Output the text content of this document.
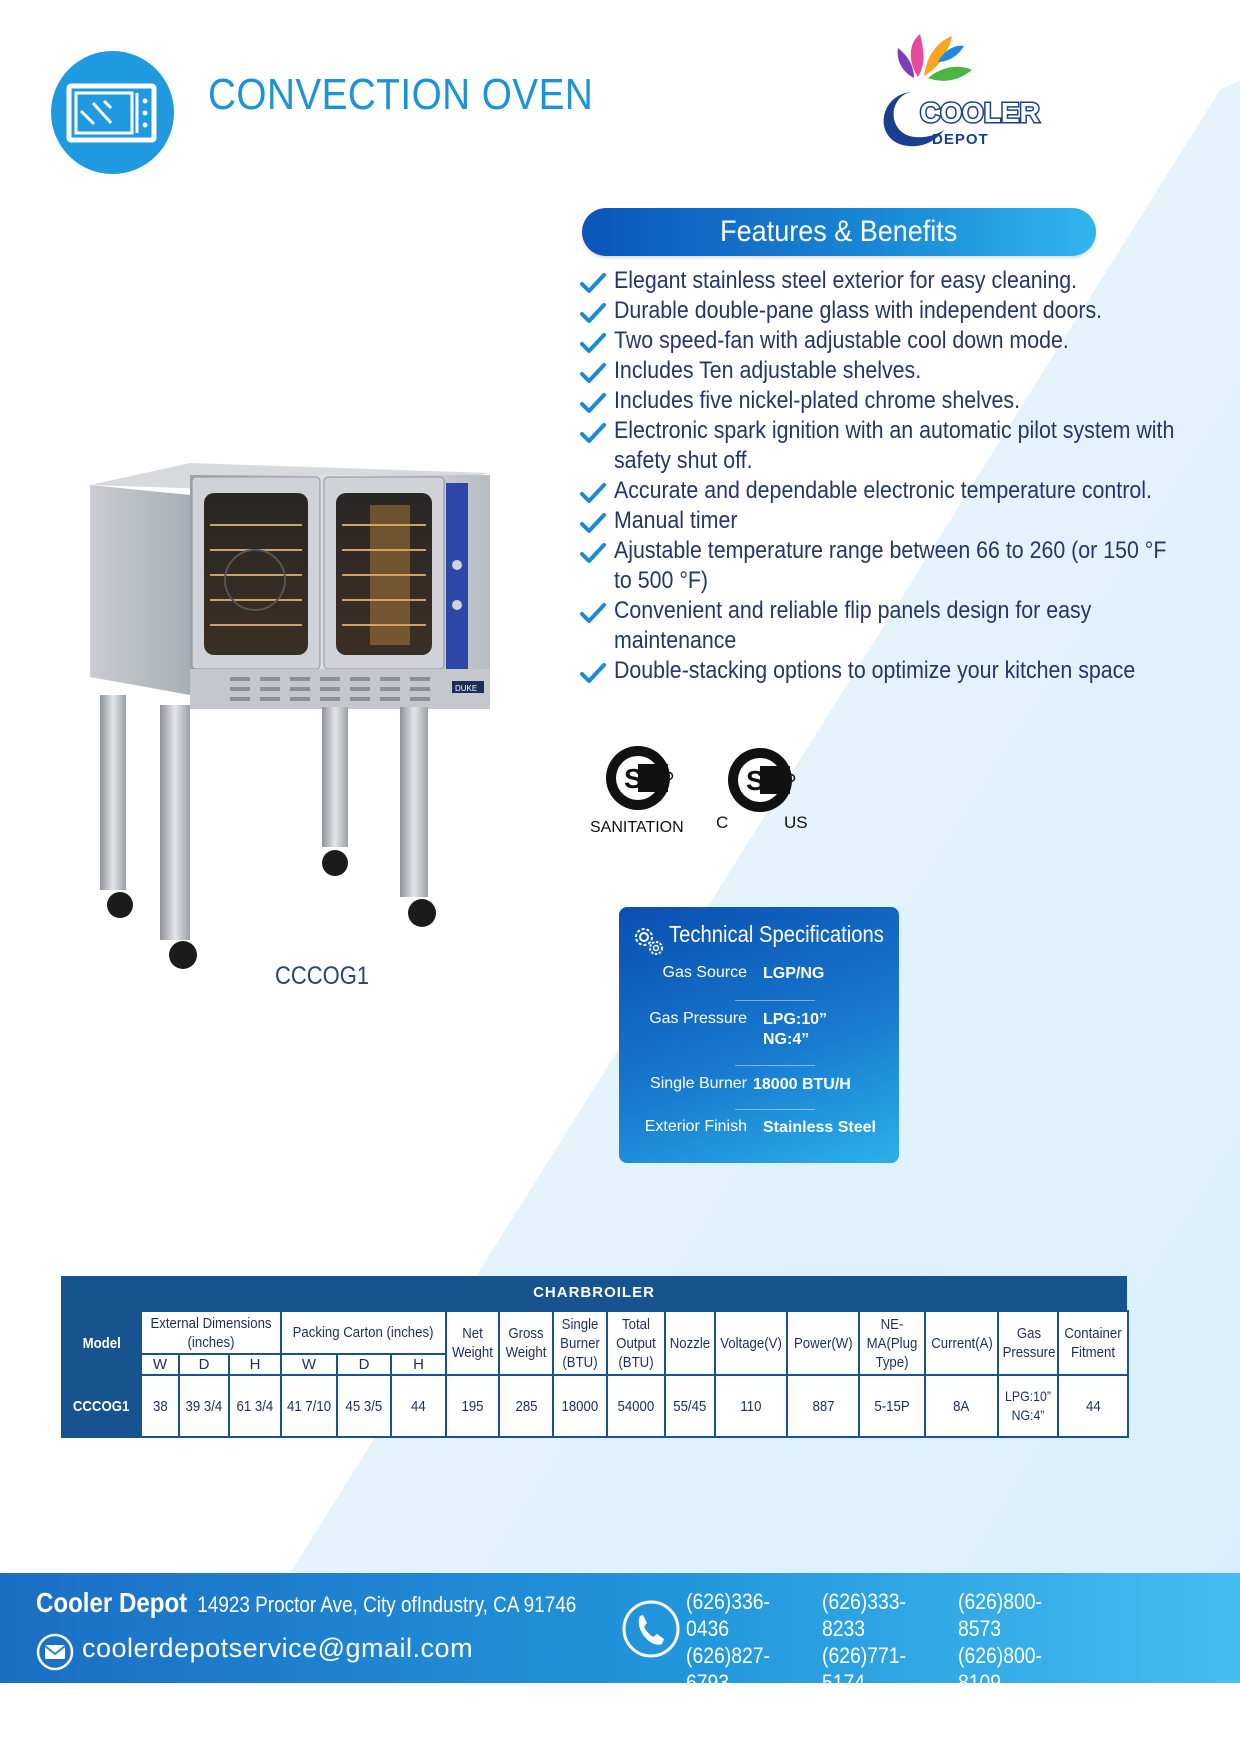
CONVECTION OVEN	COOLER
DEPOT
Features & Benefits
Elegant stainless steel exterior for easy cleaning.
Durable double-pane glass with independent doors.
Two speed-fan with adjustable cool down mode.
Includes Ten adjustable shelves.
Includes five nickel-plated chrome shelves.
Electronic spark ignition with an automatic pilot system with safety shut off.
Accurate and dependable electronic temperature control.
Manual timer
Ajustable temperature range between 66 to 260 (or 150 °F to 500 °F)
Convenient and reliable flip panels design for easy maintenance
Double-stacking options to optimize your kitchen space
SA
SANITATION
SA
C	US
DUKE
CCCOG1
Technical Specifications
Gas Source LGP/NG
Gas Pressure LPG:10”
NG:4”
Single Burner 18000 BTU/H
Exterior Finish Stainless Steel
CHARBROILER
Model	External Dimensions (inches)			Packing Carton (inches)			Net Weight	Gross Weight	Single Burner (BTU)	Total Output (BTU)	Nozzle	Voltage(V)	Power(W)	NE-MA(Plug Type)	Current(A)	Gas Pressure	Container Fitment
	W	D	H	W	D	H											
CCCOG1	38	39 3/4	61 3/4	41 7/10	45 3/5	44	195	285	18000	54000	55/45	110	887	5-15P	8A	LPG:10” NG:4”	44
Cooler Depot 14923 Proctor Ave, City ofIndustry, CA 91746
coolerdepotservice@gmail.com
(626)336-0436(626)333-8233(626)800-8573(626)827-6793(626)771-5174(626)800-8109(626)506-1381(626)800-7215(626)665-1926
